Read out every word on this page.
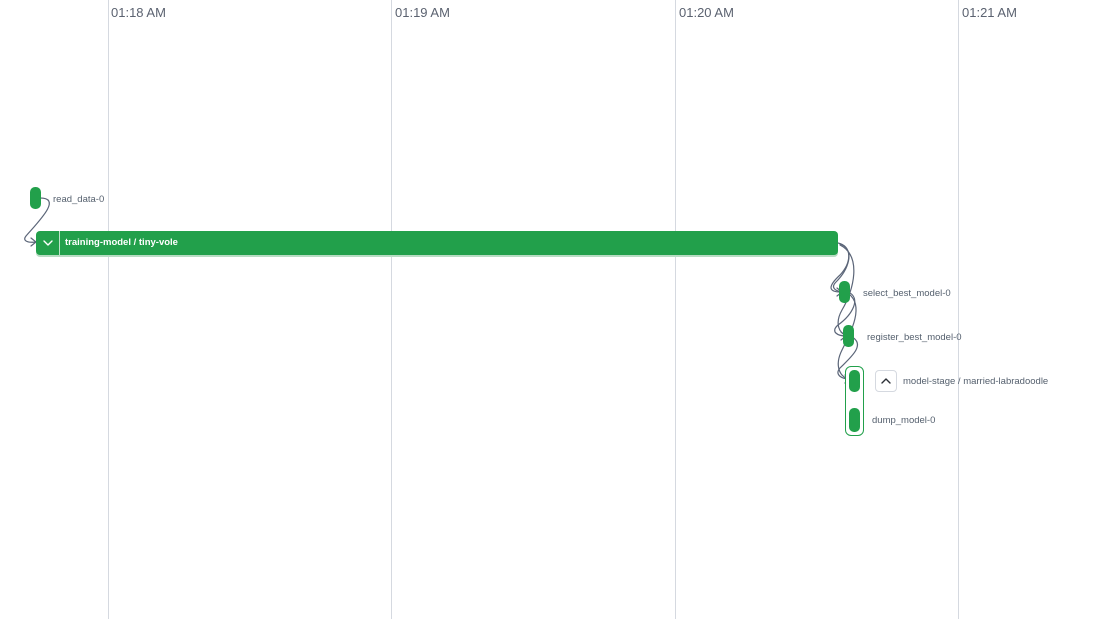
01:18 AM	01:19 AM	01:20 AM	01:21 AM
read_data-0
training-model / tiny-vole
select_best_model-0
register_best_model-0
model-stage / married-labradoodle
dump_model-0
